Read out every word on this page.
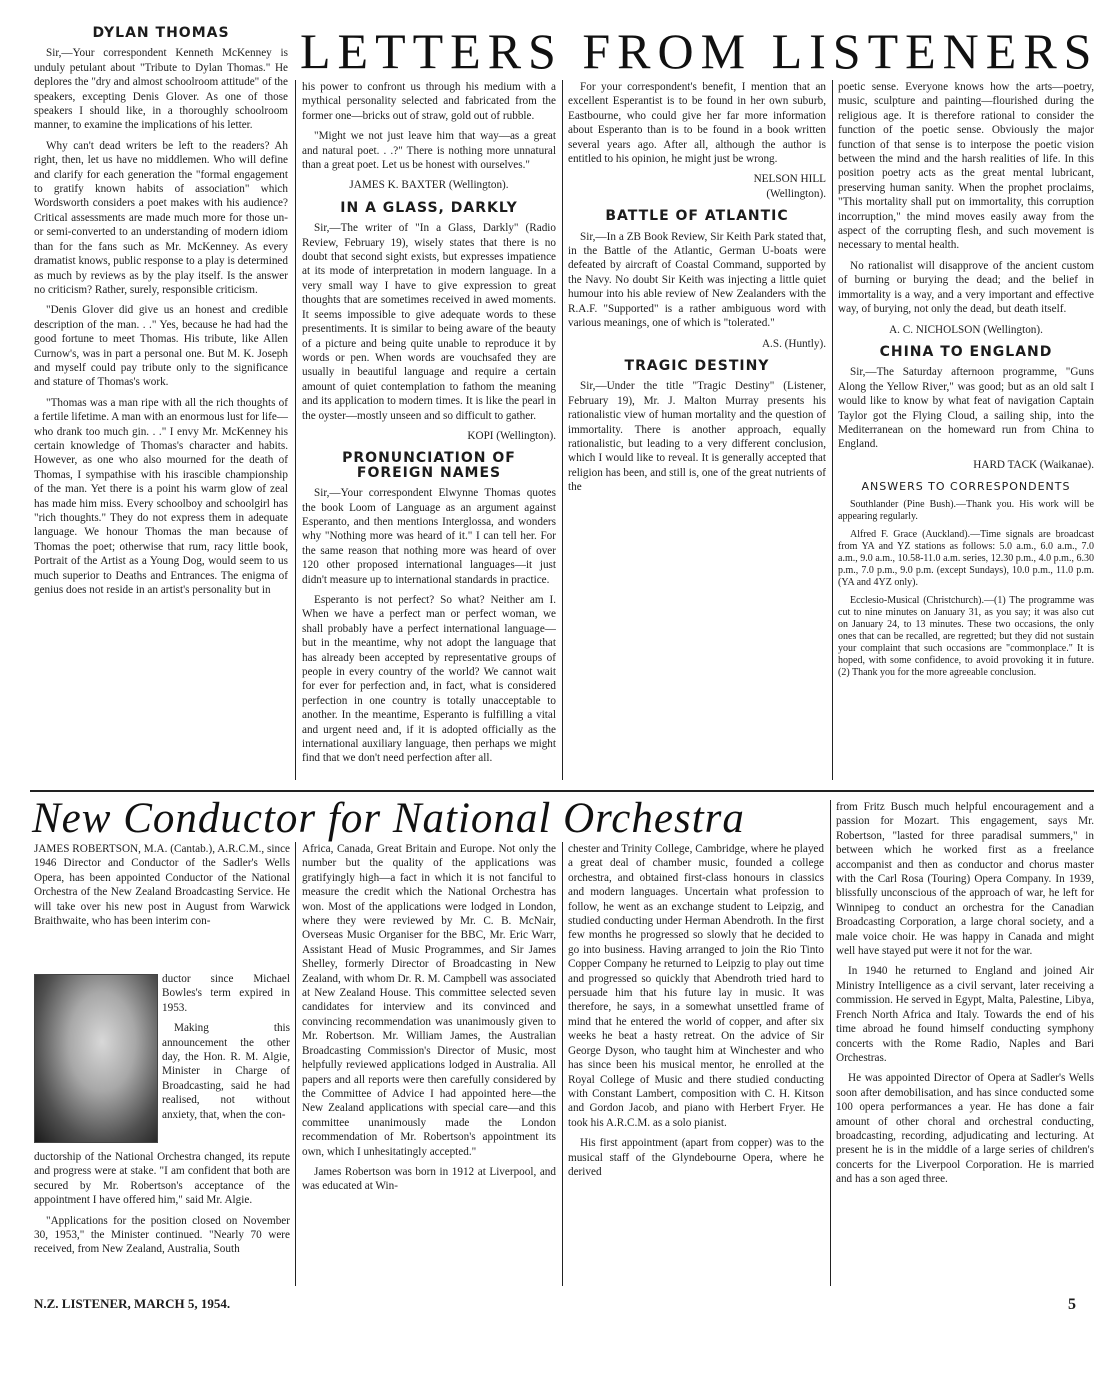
LETTERS FROM LISTENERS
DYLAN THOMAS

Sir,—Your correspondent Kenneth McKenney is unduly petulant about "Tribute to Dylan Thomas." He deplores the "dry and almost schoolroom attitude" of the speakers, excepting Denis Glover. As one of those speakers I should like, in a thoroughly schoolroom manner, to examine the implications of his letter.

Why can't dead writers be left to the readers? Ah right, then, let us have no middlemen. Who will define and clarify for each generation the "formal engagement to gratify known habits of association" which Wordsworth considers a poet makes with his audience? Critical assessments are made much more for those un- or semi-converted to an understanding of modern idiom than for the fans such as Mr. McKenney. As every dramatist knows, public response to a play is determined as much by reviews as by the play itself. Is the answer no criticism? Rather, surely, responsible criticism.

"Denis Glover did give us an honest and credible description of the man. . ." Yes, because he had had the good fortune to meet Thomas. His tribute, like Allen Curnow's, was in part a personal one. But M. K. Joseph and myself could pay tribute only to the significance and stature of Thomas's work.

"Thomas was a man ripe with all the rich thoughts of a fertile lifetime. A man with an enormous lust for life—who drank too much gin. . ." I envy Mr. McKenney his certain knowledge of Thomas's character and habits. However, as one who also mourned for the death of Thomas, I sympathise with his irascible championship of the man. Yet there is a point his warm glow of zeal has made him miss. Every schoolboy and schoolgirl has "rich thoughts." They do not express them in adequate language. We honour Thomas the man because of Thomas the poet; otherwise that rum, racy little book, Portrait of the Artist as a Young Dog, would seem to us much superior to Deaths and Entrances. The enigma of genius does not reside in an artist's personality but in

his power to confront us through his medium with a mythical personality selected and fabricated from the former one—bricks out of straw, gold out of rubble.

"Might we not just leave him that way—as a great and natural poet. . .?" There is nothing more unnatural than a great poet. Let us be honest with ourselves."

JAMES K. BAXTER (Wellington).
IN A GLASS, DARKLY

Sir,—The writer of "In a Glass, Darkly" (Radio Review, February 19), wisely states that there is no doubt that second sight exists, but expresses impatience at its mode of interpretation in modern language. In a very small way I have to give expression to great thoughts that are sometimes received in awed moments. It seems impossible to give adequate words to these presentiments. It is similar to being aware of the beauty of a picture and being quite unable to reproduce it by words or pen. When words are vouchsafed they are usually in beautiful language and require a certain amount of quiet contemplation to fathom the meaning and its application to modern times. It is like the pearl in the oyster—mostly unseen and so difficult to gather.

KOPI (Wellington).
PRONUNCIATION OF FOREIGN NAMES

Sir,—Your correspondent Elwynne Thomas quotes the book Loom of Language as an argument against Esperanto, and then mentions Interglossa, and wonders why "Nothing more was heard of it." I can tell her. For the same reason that nothing more was heard of over 120 other proposed international languages—it just didn't measure up to international standards in practice.

Esperanto is not perfect? So what? Neither am I. When we have a perfect man or perfect woman, we shall probably have a perfect international language—but in the meantime, why not adopt the language that has already been accepted by representative groups of people in every country of the world? We cannot wait for ever for perfection and, in fact, what is considered perfection in one country is totally unacceptable to another. In the meantime, Esperanto is fulfilling a vital and urgent need and, if it is adopted officially as the international auxiliary language, then perhaps we might find that we don't need perfection after all.

For your correspondent's benefit, I mention that an excellent Esperantist is to be found in her own suburb, Eastbourne, who could give her far more information about Esperanto than is to be found in a book written several years ago. After all, although the author is entitled to his opinion, he might just be wrong.

NELSON HILL
(Wellington).
BATTLE OF ATLANTIC

Sir,—In a ZB Book Review, Sir Keith Park stated that, in the Battle of the Atlantic, German U-boats were defeated by aircraft of Coastal Command, supported by the Navy. No doubt Sir Keith was injecting a little quiet humour into his able review of New Zealanders with the R.A.F. "Supported" is a rather ambiguous word with various meanings, one of which is "tolerated."

A.S. (Huntly).
TRAGIC DESTINY

Sir,—Under the title "Tragic Destiny" (Listener, February 19), Mr. J. Malton Murray presents his rationalistic view of human mortality and the question of immortality. There is another approach, equally rationalistic, but leading to a very different conclusion, which I would like to reveal. It is generally accepted that religion has been, and still is, one of the great nutrients of the

poetic sense. Everyone knows how the arts—poetry, music, sculpture and painting—flourished during the religious age. It is therefore rational to consider the function of the poetic sense. Obviously the major function of that sense is to interpose the poetic vision between the mind and the harsh realities of life. In this position poetry acts as the great mental lubricant, preserving human sanity. When the prophet proclaims, "This mortality shall put on immortality, this corruption incorruption," the mind moves easily away from the aspect of the corrupting flesh, and such movement is necessary to mental health.

No rationalist will disapprove of the ancient custom of burning or burying the dead; and the belief in immortality is a way, and a very important and effective way, of burying, not only the dead, but death itself.

A. C. NICHOLSON (Wellington).
CHINA TO ENGLAND

Sir,—The Saturday afternoon programme, "Guns Along the Yellow River," was good; but as an old salt I would like to know by what feat of navigation Captain Taylor got the Flying Cloud, a sailing ship, into the Mediterranean on the homeward run from China to England.

HARD TACK (Waikanae).
ANSWERS TO CORRESPONDENTS

Southlander (Pine Bush).—Thank you. His work will be appearing regularly.

Alfred F. Grace (Auckland).—Time signals are broadcast from YA and YZ stations as follows: 5.0 a.m., 6.0 a.m., 7.0 a.m., 9.0 a.m., 10.58-11.0 a.m. series, 12.30 p.m., 4.0 p.m., 6.30 p.m., 7.0 p.m., 9.0 p.m. (except Sundays), 10.0 p.m., 11.0 p.m. (YA and 4YZ only).

Ecclesio-Musical (Christchurch).—(1) The programme was cut to nine minutes on January 31, as you say; it was also cut on January 24, to 13 minutes. These two occasions, the only ones that can be recalled, are regretted; but they did not sustain your complaint that such occasions are "commonplace." It is hoped, with some confidence, to avoid provoking it in future. (2) Thank you for the more agreeable conclusion.

New Conductor for National Orchestra

JAMES ROBERTSON, M.A. (Cantab.), A.R.C.M., since 1946 Director and Conductor of the Sadler's Wells Opera, has been appointed Conductor of the National Orchestra of the New Zealand Broadcasting Service. He will take over his new post in August from Warwick Braithwaite, who has been interim con-

ductor since Michael Bowles's term expired in 1953.

Making this announcement the other day, the Hon. R. M. Algie, Minister in Charge of Broadcasting, said he had realised, not without anxiety, that, when the con-

ductorship of the National Orchestra changed, its repute and progress were at stake. "I am confident that both are secured by Mr. Robertson's acceptance of the appointment I have offered him," said Mr. Algie.

"Applications for the position closed on November 30, 1953," the Minister continued. "Nearly 70 were received, from New Zealand, Australia, South

Africa, Canada, Great Britain and Europe. Not only the number but the quality of the applications was gratifyingly high—a fact in which it is not fanciful to measure the credit which the National Orchestra has won. Most of the applications were lodged in London, where they were reviewed by Mr. C. B. McNair, Overseas Music Organiser for the BBC, Mr. Eric Warr, Assistant Head of Music Programmes, and Sir James Shelley, formerly Director of Broadcasting in New Zealand, with whom Dr. R. M. Campbell was associated at New Zealand House. This committee selected seven candidates for interview and its convinced and convincing recommendation was unanimously given to Mr. Robertson. Mr. William James, the Australian Broadcasting Commission's Director of Music, most helpfully reviewed applications lodged in Australia. All papers and all reports were then carefully considered by the Committee of Advice I had appointed here—the New Zealand applications with special care—and this committee unanimously made the London recommendation of Mr. Robertson's appointment its own, which I unhesitatingly accepted."

James Robertson was born in 1912 at Liverpool, and was educated at Win-

chester and Trinity College, Cambridge, where he played a great deal of chamber music, founded a college orchestra, and obtained first-class honours in classics and modern languages. Uncertain what profession to follow, he went as an exchange student to Leipzig, and studied conducting under Herman Abendroth. In the first few months he progressed so slowly that he decided to go into business. Having arranged to join the Rio Tinto Copper Company he returned to Leipzig to play out time and progressed so quickly that Abendroth tried hard to persuade him that his future lay in music. It was therefore, he says, in a somewhat unsettled frame of mind that he entered the world of copper, and after six weeks he beat a hasty retreat. On the advice of Sir George Dyson, who taught him at Winchester and who has since been his musical mentor, he enrolled at the Royal College of Music and there studied conducting with Constant Lambert, composition with C. H. Kitson and Gordon Jacob, and piano with Herbert Fryer. He took his A.R.C.M. as a solo pianist.

His first appointment (apart from copper) was to the musical staff of the Glyndebourne Opera, where he derived

from Fritz Busch much helpful encouragement and a passion for Mozart. This engagement, says Mr. Robertson, "lasted for three paradisal summers," in between which he worked first as a freelance accompanist and then as conductor and chorus master with the Carl Rosa (Touring) Opera Company. In 1939, blissfully unconscious of the approach of war, he left for Winnipeg to conduct an orchestra for the Canadian Broadcasting Corporation, a large choral society, and a male voice choir. He was happy in Canada and might well have stayed put were it not for the war.

In 1940 he returned to England and joined Air Ministry Intelligence as a civil servant, later receiving a commission. He served in Egypt, Malta, Palestine, Libya, French North Africa and Italy. Towards the end of his time abroad he found himself conducting symphony concerts with the Rome Radio, Naples and Bari Orchestras.

He was appointed Director of Opera at Sadler's Wells soon after demobilisation, and has since conducted some 100 opera performances a year. He has done a fair amount of other choral and orchestral conducting, broadcasting, recording, adjudicating and lecturing. At present he is in the middle of a large series of children's concerts for the Liverpool Corporation. He is married and has a son aged three.

N.Z. LISTENER, MARCH 5, 1954.	5
